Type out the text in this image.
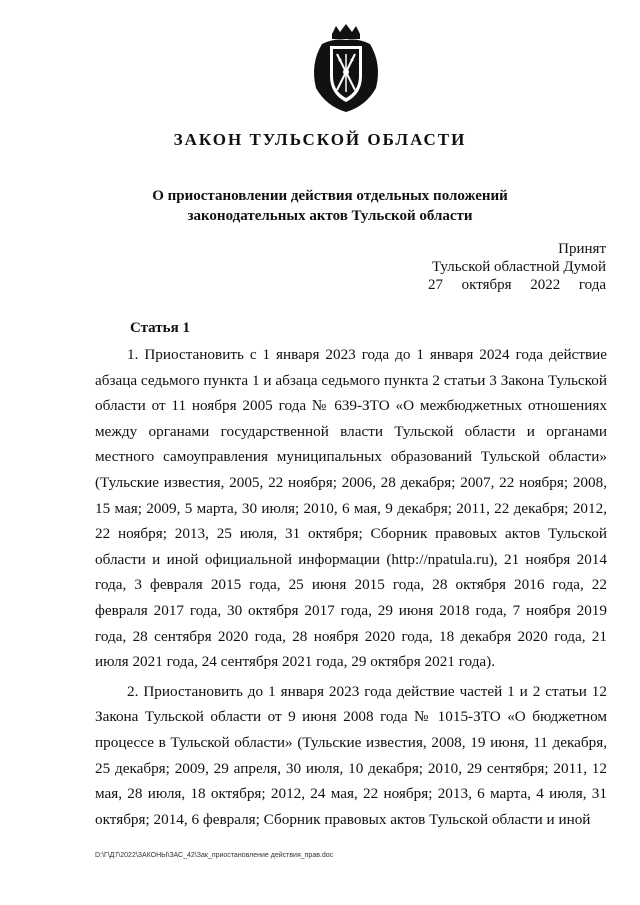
ЗАКОН ТУЛЬСКОЙ ОБЛАСТИ
О приостановлении действия отдельных положений
законодательных актов Тульской области
Принят
Тульской областной Думой
27 октября 2022 года
Статья 1

1. Приостановить с 1 января 2023 года до 1 января 2024 года действие абзаца седьмого пункта 1 и абзаца седьмого пункта 2 статьи 3 Закона Тульской области от 11 ноября 2005 года № 639-ЗТО «О межбюджетных отношениях между органами государственной власти Тульской области и органами местного самоуправления муниципальных образований Тульской области» (Тульские известия, 2005, 22 ноября; 2006, 28 декабря; 2007, 22 ноября; 2008, 15 мая; 2009, 5 марта, 30 июля; 2010, 6 мая, 9 декабря; 2011, 22 декабря; 2012, 22 ноября; 2013, 25 июля, 31 октября; Сборник правовых актов Тульской области и иной официальной информации (http://npatula.ru), 21 ноября 2014 года, 3 февраля 2015 года, 25 июня 2015 года, 28 октября 2016 года, 22 февраля 2017 года, 30 октября 2017 года, 29 июня 2018 года, 7 ноября 2019 года, 28 сентября 2020 года, 28 ноября 2020 года, 18 декабря 2020 года, 21 июля 2021 года, 24 сентября 2021 года, 29 октября 2021 года).

2. Приостановить до 1 января 2023 года действие частей 1 и 2 статьи 12 Закона Тульской области от 9 июня 2008 года № 1015-ЗТО «О бюджетном процессе в Тульской области» (Тульские известия, 2008, 19 июня, 11 декабря, 25 декабря; 2009, 29 апреля, 30 июля, 10 декабря; 2010, 29 сентября; 2011, 12 мая, 28 июля, 18 октября; 2012, 24 мая, 22 ноября; 2013, 6 марта, 4 июля, 31 октября; 2014, 6 февраля; Сборник правовых актов Тульской области и иной

D:\Г\Д7\2022\ЗАКОНЫ\ЗАС_42\Зак_приостановление действия_прав.doc
